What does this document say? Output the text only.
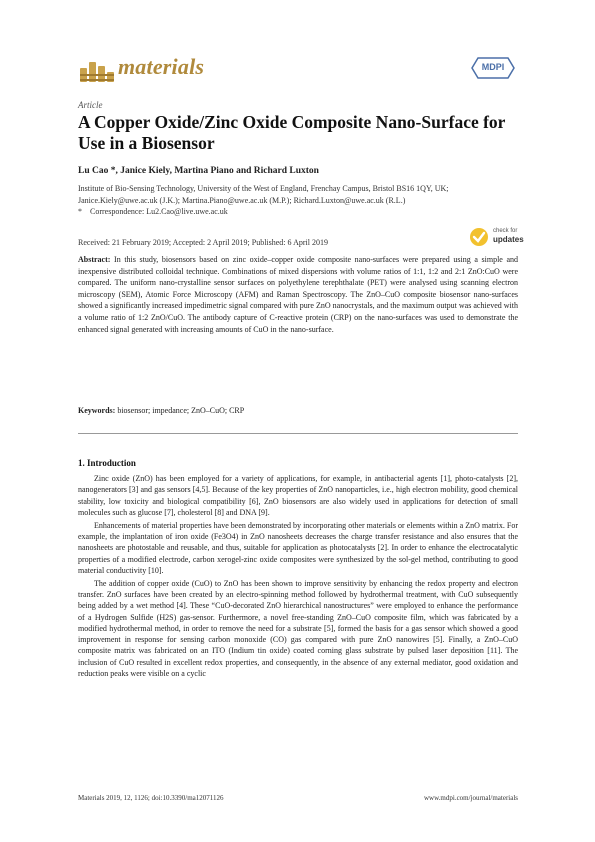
materials	MDPI
Article
A Copper Oxide/Zinc Oxide Composite Nano-Surface for Use in a Biosensor
Lu Cao *, Janice Kiely, Martina Piano and Richard Luxton
Institute of Bio-Sensing Technology, University of the West of England, Frenchay Campus, Bristol BS16 1QY, UK; Janice.Kiely@uwe.ac.uk (J.K.); Martina.Piano@uwe.ac.uk (M.P.); Richard.Luxton@uwe.ac.uk (R.L.)
* Correspondence: Lu2.Cao@live.uwe.ac.uk
Received: 21 February 2019; Accepted: 2 April 2019; Published: 6 April 2019
check for
updates
Abstract: In this study, biosensors based on zinc oxide–copper oxide composite nano-surfaces were prepared using a simple and inexpensive distributed colloidal technique. Combinations of mixed dispersions with volume ratios of 1:1, 1:2 and 2:1 ZnO:CuO were compared. The uniform nano-crystalline sensor surfaces on polyethylene terephthalate (PET) were analysed using scanning electron microscopy (SEM), Atomic Force Microscopy (AFM) and Raman Spectroscopy. The ZnO–CuO composite biosensor nano-surfaces showed a significantly increased impedimetric signal compared with pure ZnO nanocrystals, and the maximum output was achieved with a volume ratio of 1:2 ZnO/CuO. The antibody capture of C-reactive protein (CRP) on the nano-surfaces was used to demonstrate the enhanced signal generated with increasing amounts of CuO in the nano-surface.
Keywords: biosensor; impedance; ZnO–CuO; CRP
1. Introduction

Zinc oxide (ZnO) has been employed for a variety of applications, for example, in antibacterial agents [1], photo-catalysts [2], nanogenerators [3] and gas sensors [4,5]. Because of the key properties of ZnO nanoparticles, i.e., high electron mobility, good chemical stability, low toxicity and biological compatibility [6], ZnO biosensors are also widely used in applications for detection of small molecules such as glucose [7], cholesterol [8] and DNA [9].

Enhancements of material properties have been demonstrated by incorporating other materials or elements within a ZnO matrix. For example, the implantation of iron oxide (Fe3O4) in ZnO nanosheets decreases the charge transfer resistance and also ensures that the nanosheets are photostable and reusable, and thus, suitable for application as photocatalysts [2]. In order to enhance the electrocatalytic properties of a modified electrode, carbon xerogel-zinc oxide composites were synthesized by the sol-gel method, contributing to good material conductivity [10].

The addition of copper oxide (CuO) to ZnO has been shown to improve sensitivity by enhancing the redox property and electron transfer. ZnO surfaces have been created by an electro-spinning method followed by hydrothermal treatment, with CuO subsequently being added by a wet method [4]. These “CuO-decorated ZnO hierarchical nanostructures” were employed to enhance the performance of a Hydrogen Sulfide (H2S) gas-sensor. Furthermore, a novel free-standing ZnO–CuO composite film, which was fabricated by a modified hydrothermal method, in order to remove the need for a substrate [5], formed the basis for a gas sensor which showed a good improvement in response for sensing carbon monoxide (CO) gas compared with pure ZnO nanowires [5]. Finally, a ZnO–CuO composite matrix was fabricated on an ITO (Indium tin oxide) coated corning glass substrate by pulsed laser deposition [11]. The inclusion of CuO resulted in excellent redox properties, and consequently, in the absence of any external mediator, good oxidation and reduction peaks were visible on a cyclic

Materials 2019, 12, 1126; doi:10.3390/ma12071126	www.mdpi.com/journal/materials
